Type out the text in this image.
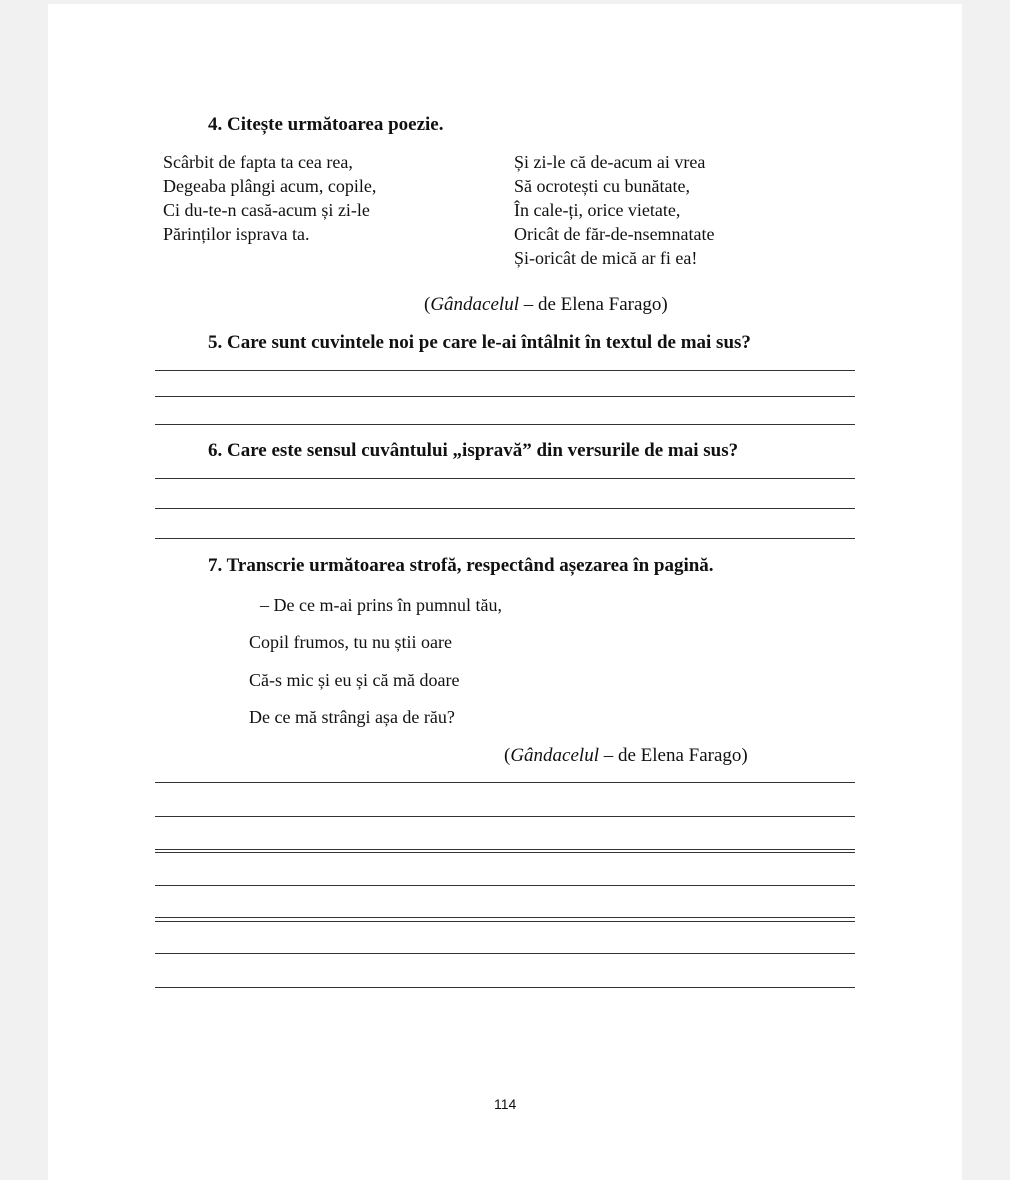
4. Citește următoarea poezie.
Scârbit de fapta ta cea rea,
Degeaba plângi acum, copile,
Ci du-te-n casă-acum și zi-le
Părinților isprava ta.
Și zi-le că de-acum ai vrea
Să ocrotești cu bunătate,
În cale-ți, orice vietate,
Oricât de făr-de-nsemnatate
Și-oricât de mică ar fi ea!
(Gândacelul – de Elena Farago)
5. Care sunt cuvintele noi pe care le-ai întâlnit în textul de mai sus?
6. Care este sensul cuvântului „ispravă” din versurile de mai sus?
7. Transcrie următoarea strofă, respectând așezarea în pagină.
– De ce m-ai prins în pumnul tău,
Copil frumos, tu nu știi oare
Că-s mic și eu și că mă doare
De ce mă strângi așa de rău?
(Gândacelul – de Elena Farago)
114
